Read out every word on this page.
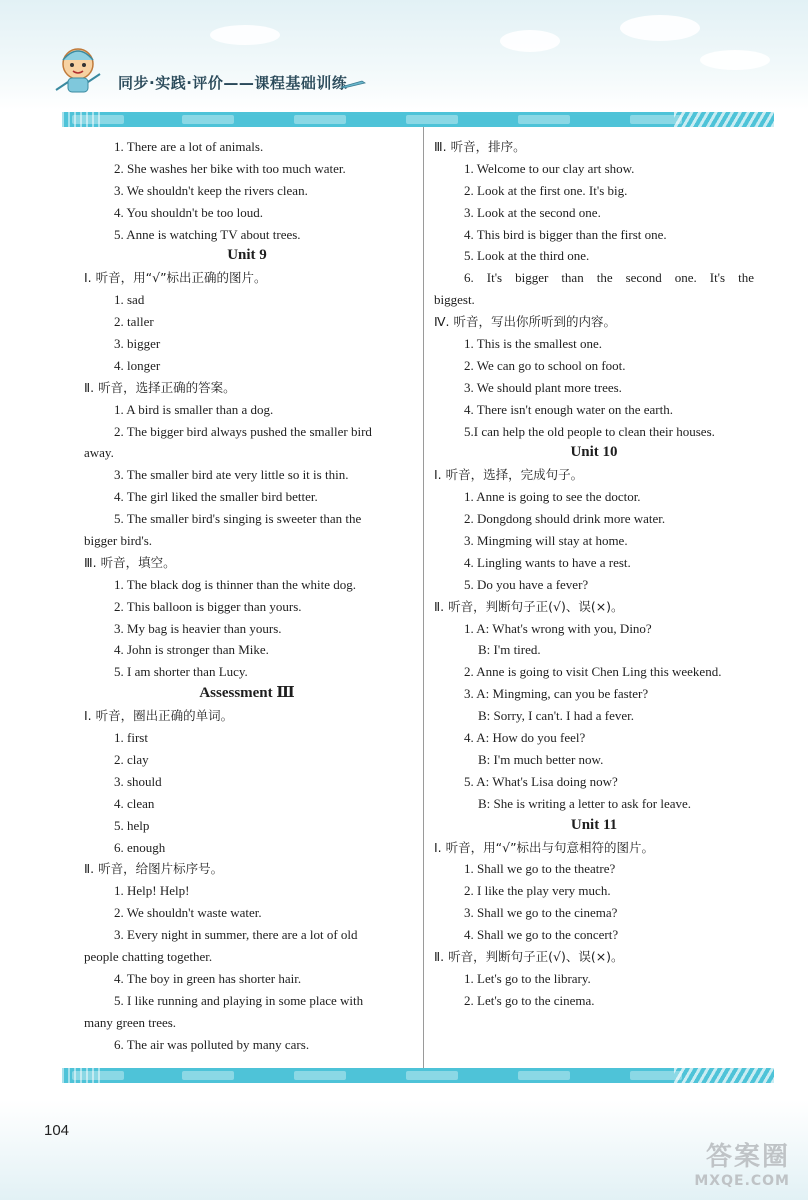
同步·实践·评价——课程基础训练
1. There are a lot of animals.
2. She washes her bike with too much water.
3. We shouldn't keep the rivers clean.
4. You shouldn't be too loud.
5. Anne is watching TV about trees.
Unit 9
Ⅰ. 听音，用“√”标出正确的图片。
1. sad
2. taller
3. bigger
4. longer
Ⅱ. 听音，选择正确的答案。
1. A bird is smaller than a dog.
2. The bigger bird always pushed the smaller bird
away.
3. The smaller bird ate very little so it is thin.
4. The girl liked the smaller bird better.
5. The smaller bird's singing is sweeter than the
bigger bird's.
Ⅲ. 听音，填空。
1. The black dog is thinner than the white dog.
2. This balloon is bigger than yours.
3. My bag is heavier than yours.
4. John is stronger than Mike.
5. I am shorter than Lucy.
Assessment Ⅲ
Ⅰ. 听音，圈出正确的单词。
1. first
2. clay
3. should
4. clean
5. help
6. enough
Ⅱ. 听音，给图片标序号。
1. Help! Help!
2. We shouldn't waste water.
3. Every night in summer, there are a lot of old
people chatting together.
4. The boy in green has shorter hair.
5. I like running and playing in some place with
many green trees.
6. The air was polluted by many cars.
Ⅲ. 听音，排序。
1. Welcome to our clay art show.
2. Look at the first one. It's big.
3. Look at the second one.
4. This bird is bigger than the first one.
5. Look at the third one.
6. It's bigger than the second one. It's the
biggest.
Ⅳ. 听音，写出你所听到的内容。
1. This is the smallest one.
2. We can go to school on foot.
3. We should plant more trees.
4. There isn't enough water on the earth.
5.I can help the old people to clean their houses.
Unit 10
Ⅰ. 听音，选择，完成句子。
1. Anne is going to see the doctor.
2. Dongdong should drink more water.
3. Mingming will stay at home.
4. Lingling wants to have a rest.
5. Do you have a fever?
Ⅱ. 听音，判断句子正(√)、误(×)。
1. A: What's wrong with you, Dino?
B: I'm tired.
2. Anne is going to visit Chen Ling this weekend.
3. A: Mingming, can you be faster?
B: Sorry, I can't. I had a fever.
4. A: How do you feel?
B: I'm much better now.
5. A: What's Lisa doing now?
B: She is writing a letter to ask for leave.
Unit 11
Ⅰ. 听音，用“√”标出与句意相符的图片。
1. Shall we go to the theatre?
2. I like the play very much.
3. Shall we go to the cinema?
4. Shall we go to the concert?
Ⅱ. 听音，判断句子正(√)、误(×)。
1. Let's go to the library.
2. Let's go to the cinema.
104
答案圈
MXQE.COM
